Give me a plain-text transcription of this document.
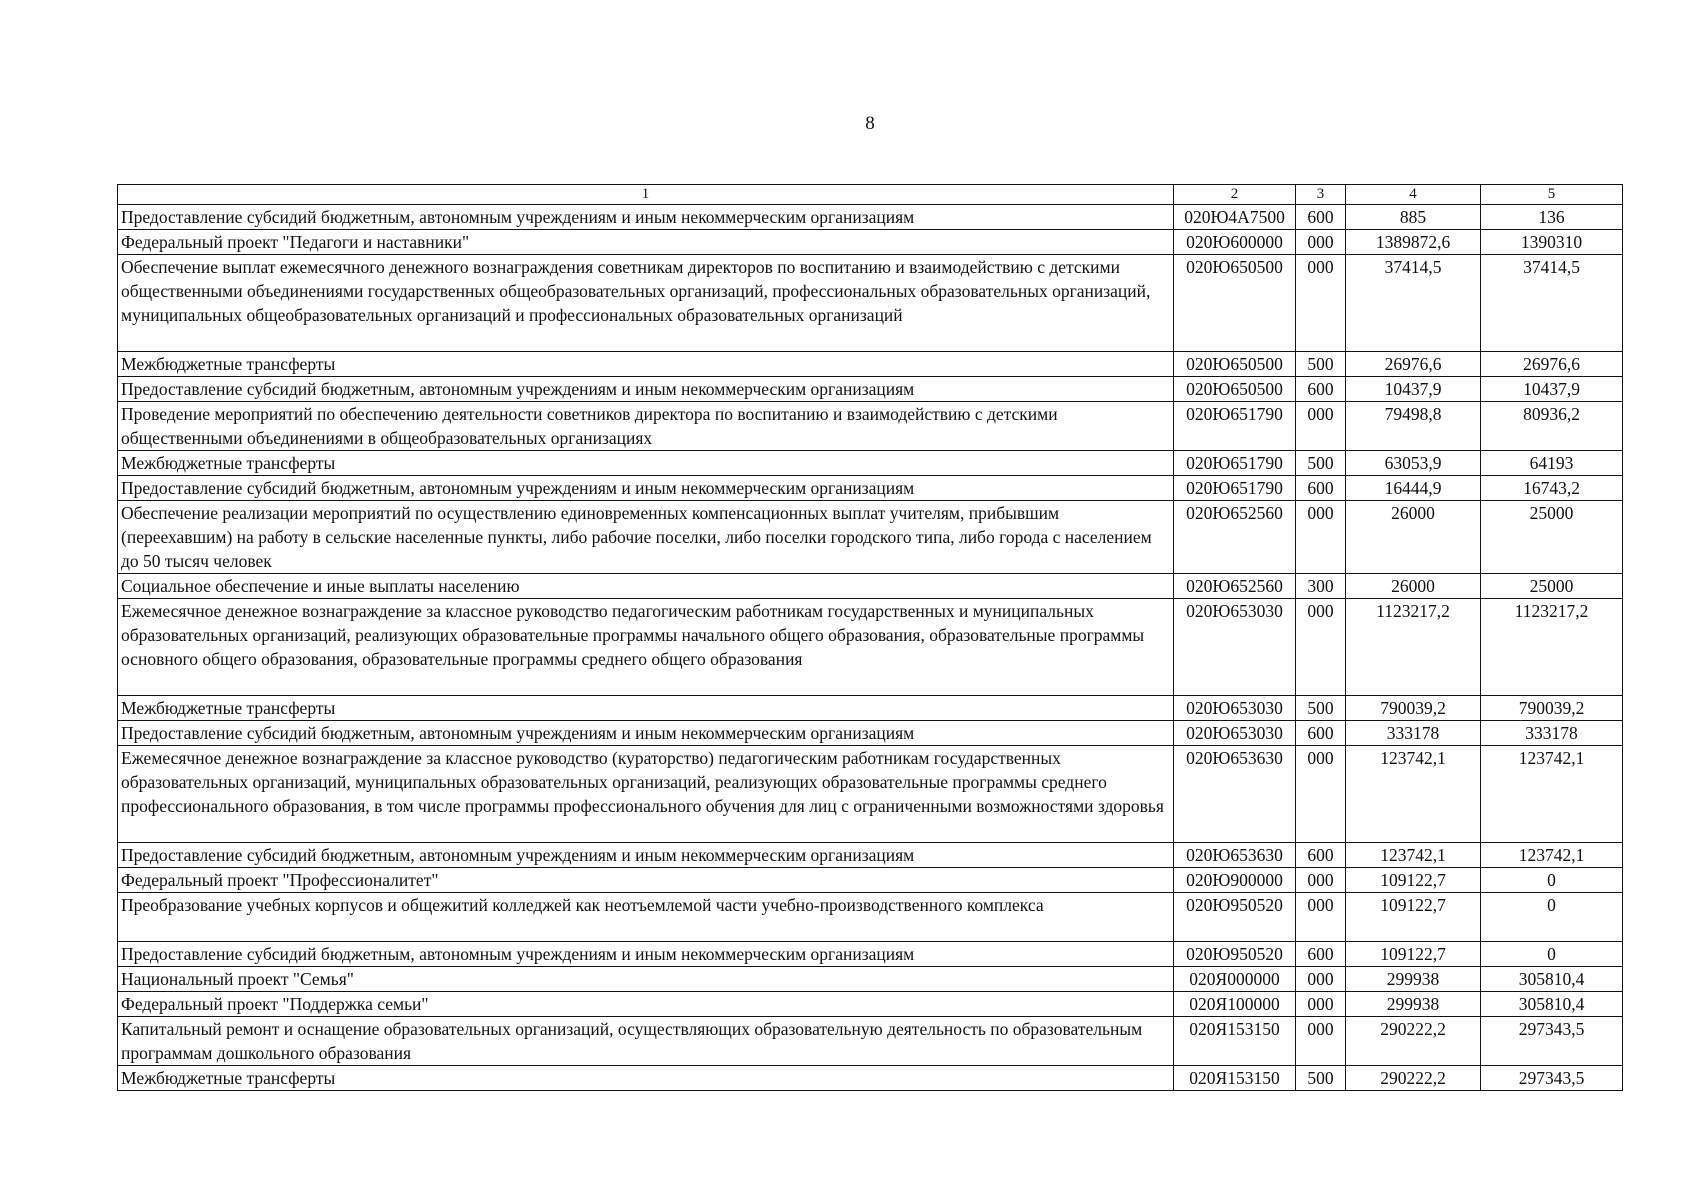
8
1	2	3	4	5
Предоставление субсидий бюджетным, автономным учреждениям и иным некоммерческим организациям	020Ю4А7500	600	885	136
Федеральный проект "Педагоги и наставники"	020Ю600000	000	1389872,6	1390310
Обеспечение выплат ежемесячного денежного вознаграждения советникам директоров по воспитанию и взаимодействию с детскими общественными объединениями государственных общеобразовательных организаций, профессиональных образовательных организаций, муниципальных общеобразовательных организаций и профессиональных образовательных организаций	020Ю650500	000	37414,5	37414,5
Межбюджетные трансферты	020Ю650500	500	26976,6	26976,6
Предоставление субсидий бюджетным, автономным учреждениям и иным некоммерческим организациям	020Ю650500	600	10437,9	10437,9
Проведение мероприятий по обеспечению деятельности советников директора по воспитанию и взаимодействию с детскими общественными объединениями в общеобразовательных организациях	020Ю651790	000	79498,8	80936,2
Межбюджетные трансферты	020Ю651790	500	63053,9	64193
Предоставление субсидий бюджетным, автономным учреждениям и иным некоммерческим организациям	020Ю651790	600	16444,9	16743,2
Обеспечение реализации мероприятий по осуществлению единовременных компенсационных выплат учителям, прибывшим (переехавшим) на работу в сельские населенные пункты, либо рабочие поселки, либо поселки городского типа, либо города с населением до 50 тысяч человек	020Ю652560	000	26000	25000
Социальное обеспечение и иные выплаты населению	020Ю652560	300	26000	25000
Ежемесячное денежное вознаграждение за классное руководство педагогическим работникам государственных и муниципальных образовательных организаций, реализующих образовательные программы начального общего образования, образовательные программы основного общего образования, образовательные программы среднего общего образования	020Ю653030	000	1123217,2	1123217,2
Межбюджетные трансферты	020Ю653030	500	790039,2	790039,2
Предоставление субсидий бюджетным, автономным учреждениям и иным некоммерческим организациям	020Ю653030	600	333178	333178
Ежемесячное денежное вознаграждение за классное руководство (кураторство) педагогическим работникам государственных образовательных организаций, муниципальных образовательных организаций, реализующих образовательные программы среднего профессионального образования, в том числе программы профессионального обучения для лиц с ограниченными возможностями здоровья	020Ю653630	000	123742,1	123742,1
Предоставление субсидий бюджетным, автономным учреждениям и иным некоммерческим организациям	020Ю653630	600	123742,1	123742,1
Федеральный проект "Профессионалитет"	020Ю900000	000	109122,7	0
Преобразование учебных корпусов и общежитий колледжей как неотъемлемой части учебно-производственного комплекса	020Ю950520	000	109122,7	0
Предоставление субсидий бюджетным, автономным учреждениям и иным некоммерческим организациям	020Ю950520	600	109122,7	0
Национальный проект "Семья"	020Я000000	000	299938	305810,4
Федеральный проект "Поддержка семьи"	020Я100000	000	299938	305810,4
Капитальный ремонт и оснащение образовательных организаций, осуществляющих образовательную деятельность по образовательным программам дошкольного образования	020Я153150	000	290222,2	297343,5
Межбюджетные трансферты	020Я153150	500	290222,2	297343,5
